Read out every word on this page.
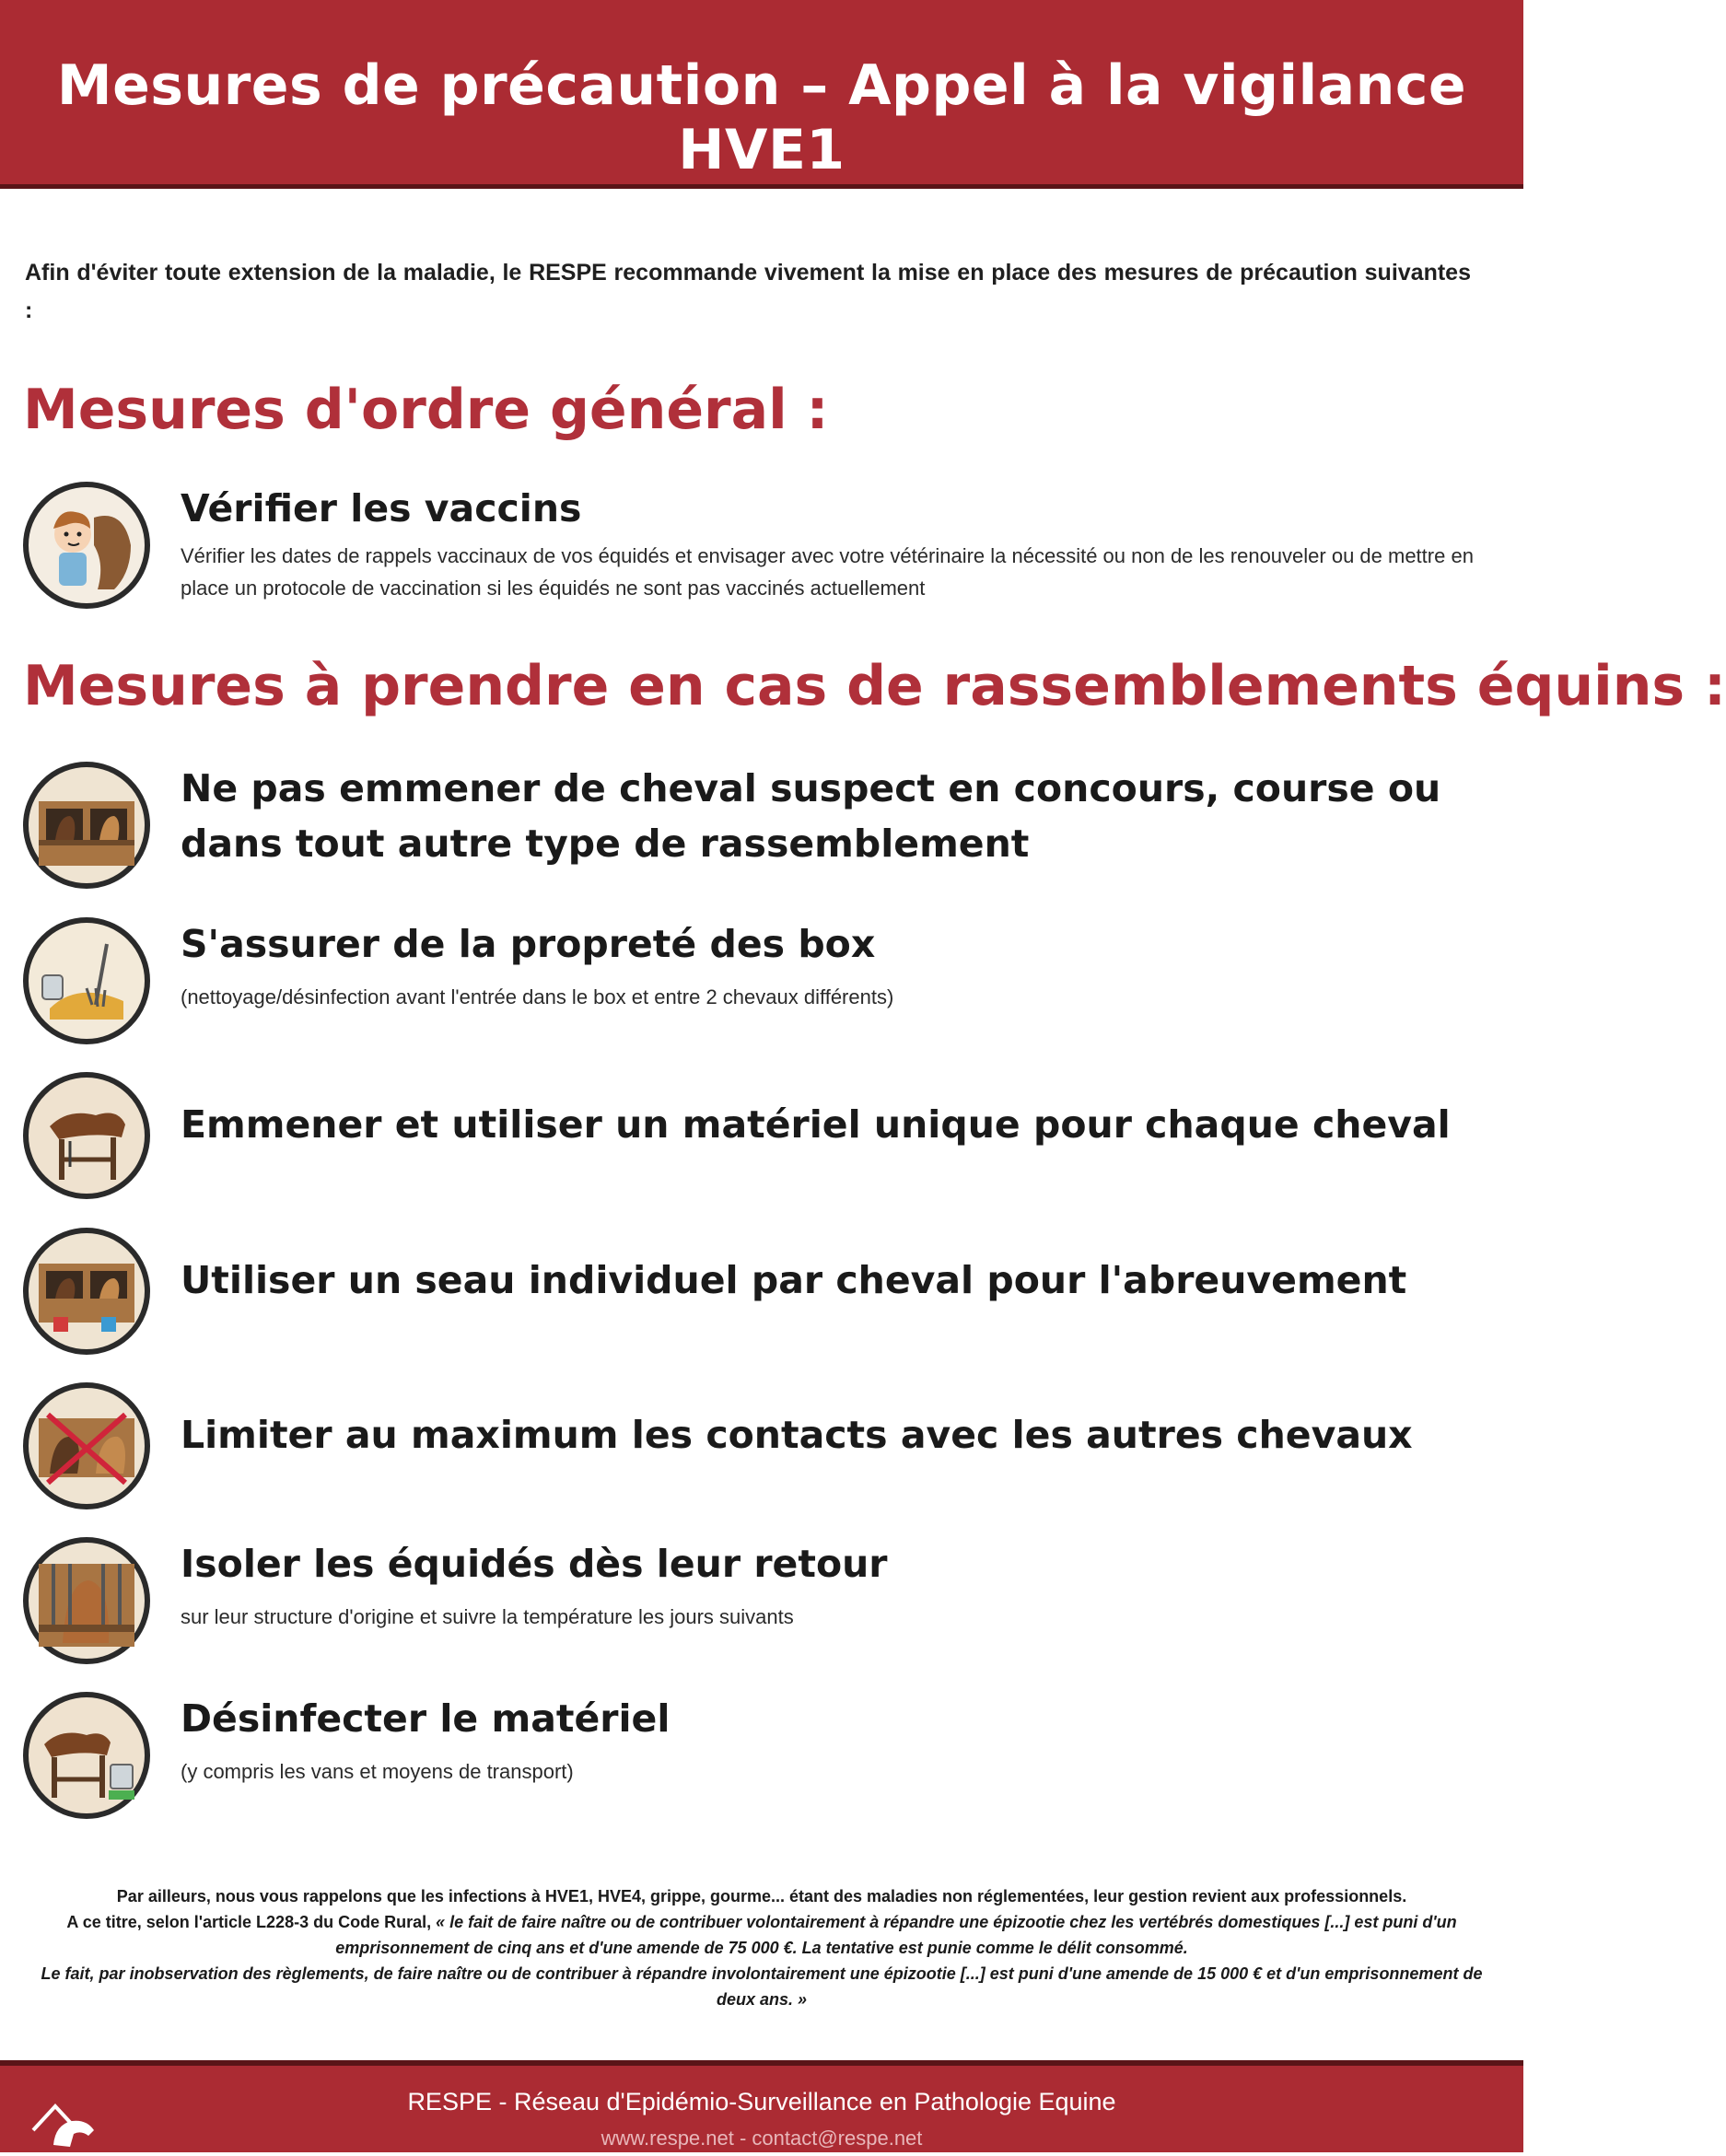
Mesures de précaution – Appel à la vigilance HVE1

Afin d'éviter toute extension de la maladie, le RESPE recommande vivement la mise en place des mesures de précaution suivantes :

Mesures d'ordre général :
Vérifier les vaccins

Vérifier les dates de rappels vaccinaux de vos équidés et envisager avec votre vétérinaire la nécessité ou non de les renouveler ou de mettre en place un protocole de vaccination si les équidés ne sont pas vaccinés actuellement

Mesures à prendre en cas de rassemblements équins :
Ne pas emmener de cheval suspect en concours, course ou dans tout autre type de rassemblement
S'assurer de la propreté des box

(nettoyage/désinfection avant l'entrée dans le box et entre 2 chevaux différents)

Emmener et utiliser un matériel unique pour chaque cheval
Utiliser un seau individuel par cheval pour l'abreuvement
Limiter au maximum les contacts avec les autres chevaux
Isoler les équidés dès leur retour

sur leur structure d'origine et suivre la température les jours suivants

Désinfecter le matériel

(y compris les vans et moyens de transport)

Par ailleurs, nous vous rappelons que les infections à HVE1, HVE4, grippe, gourme... étant des maladies non réglementées, leur gestion revient aux professionnels.

A ce titre, selon l'article L228-3 du Code Rural, « le fait de faire naître ou de contribuer volontairement à répandre une épizootie chez les vertébrés domestiques [...] est puni d'un emprisonnement de cinq ans et d'une amende de 75 000 €. La tentative est punie comme le délit consommé.

Le fait, par inobservation des règlements, de faire naître ou de contribuer à répandre involontairement une épizootie [...] est puni d'une amende de 15 000 € et d'un emprisonnement de deux ans. »

RESPE - Réseau d'Epidémio-Surveillance en Pathologie Equine
www.respe.net - contact@respe.net
